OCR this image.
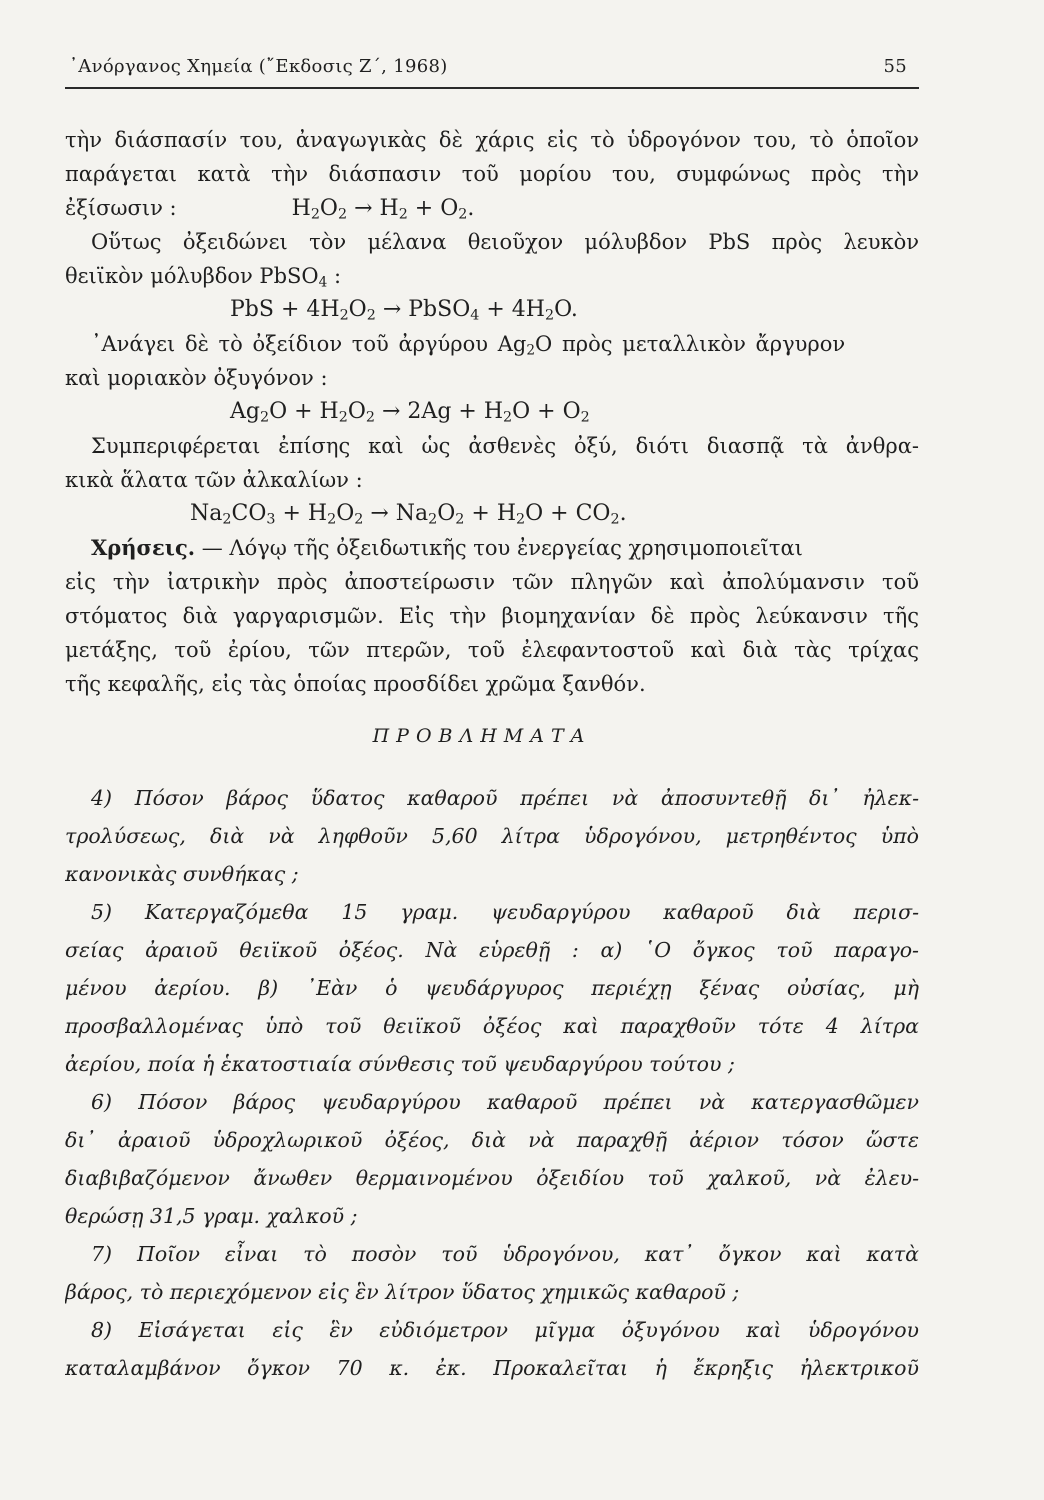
᾿Ανόργανος Χημεία (῎Εκδοσις Ζ΄, 1968)	55
τὴν διάσπασίν του, ἀναγωγικὰς δὲ χάρις εἰς τὸ ὑδρογόνον του, τὸ ὁποῖον
παράγεται κατὰ τὴν διάσπασιν τοῦ μορίου του, συμφώνως πρὸς τὴν
ἐξίσωσιν :	$H_2O_2 \to H_2 + O_2$.
Οὕτως ὀξειδώνει τὸν μέλανα θειοῦχον μόλυβδον PbS πρὸς λευκὸν
θειϊκὸν μόλυβδον PbSO$_4$ :
PbS + $4H_2O_2$ → PbSO$_4$ + $4H_2O$.
᾿Ανάγει δὲ τὸ ὀξείδιον τοῦ ἀργύρου $Ag_2O$ πρὸς μεταλλικὸν ἄργυρον
καὶ μοριακὸν ὀξυγόνον :
$Ag_2O + H_2O_2 \to 2Ag + H_2O + O_2$
Συμπεριφέρεται ἐπίσης καὶ ὡς ἀσθενὲς ὀξύ, διότι διασπᾷ τὰ ἀνθρα-
κικὰ ἅλατα τῶν ἀλκαλίων :
$Na_2CO_3 + H_2O_2 \to Na_2O_2 + H_2O + CO_2$.
Χρήσεις. — Λόγῳ τῆς ὀξειδωτικῆς του ἐνεργείας χρησιμοποιεῖται
εἰς τὴν ἰατρικὴν πρὸς ἀποστείρωσιν τῶν πληγῶν καὶ ἀπολύμανσιν τοῦ
στόματος διὰ γαργαρισμῶν. Εἰς τὴν βιομηχανίαν δὲ πρὸς λεύκανσιν τῆς
μετάξης, τοῦ ἐρίου, τῶν πτερῶν, τοῦ ἐλεφαντοστοῦ καὶ διὰ τὰς τρίχας
τῆς κεφαλῆς, εἰς τὰς ὁποίας προσδίδει χρῶμα ξανθόν.
ΠΡΟΒΛΗΜΑΤΑ
4) Πόσον βάρος ὕδατος καθαροῦ πρέπει νὰ ἀποσυντεθῇ δι᾿ ἠλεκ-
τρολύσεως, διὰ νὰ ληφθοῦν 5,60 λίτρα ὑδρογόνου, μετρηθέντος ὑπὸ
κανονικὰς συνθήκας ;
5) Κατεργαζόμεθα 15 γραμ. ψευδαργύρου καθαροῦ διὰ περισ-
σείας ἀραιοῦ θειϊκοῦ ὀξέος. Νὰ εὑρεθῇ : α) ῾Ο ὄγκος τοῦ παραγο-
μένου ἀερίου. β) ᾿Εὰν ὁ ψευδάργυρος περιέχῃ ξένας οὐσίας, μὴ
προσβαλλομένας ὑπὸ τοῦ θειϊκοῦ ὀξέος καὶ παραχθοῦν τότε 4 λίτρα
ἀερίου, ποία ἡ ἑκατοστιαία σύνθεσις τοῦ ψευδαργύρου τούτου ;
6) Πόσον βάρος ψευδαργύρου καθαροῦ πρέπει νὰ κατεργασθῶμεν
δι᾿ ἀραιοῦ ὑδροχλωρικοῦ ὀξέος, διὰ νὰ παραχθῇ ἀέριον τόσον ὥστε
διαβιβαζόμενον ἄνωθεν θερμαινομένου ὀξειδίου τοῦ χαλκοῦ, νὰ ἐλευ-
θερώσῃ 31,5 γραμ. χαλκοῦ ;
7) Ποῖον εἶναι τὸ ποσὸν τοῦ ὑδρογόνου, κατ᾿ ὄγκον καὶ κατὰ
βάρος, τὸ περιεχόμενον εἰς ἓν λίτρον ὕδατος χημικῶς καθαροῦ ;
8) Εἰσάγεται εἰς ἓν εὐδιόμετρον μῖγμα ὀξυγόνου καὶ ὑδρογόνου
καταλαμβάνον ὄγκον 70 κ. ἐκ. Προκαλεῖται ἡ ἔκρηξις ἠλεκτρικοῦ
